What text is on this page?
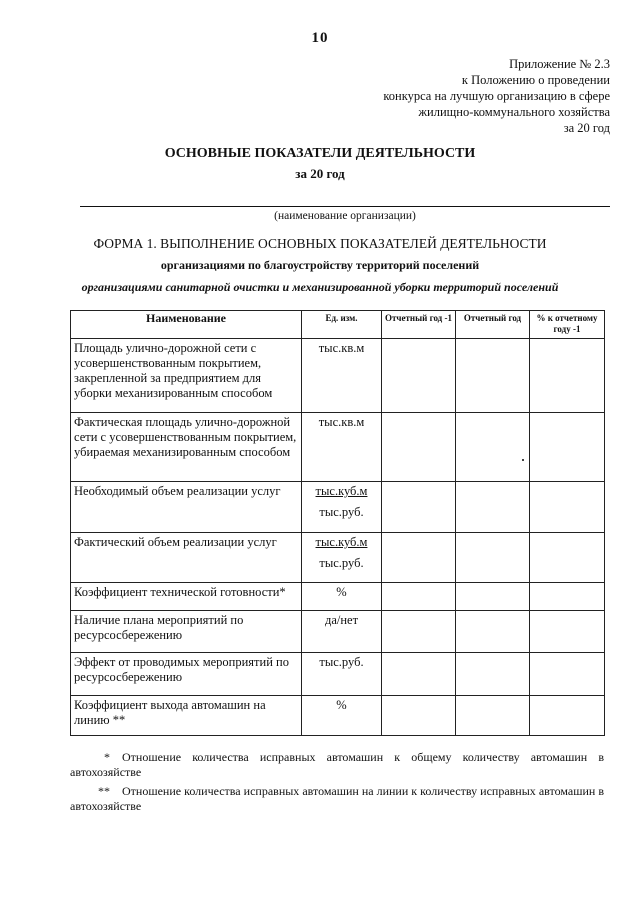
10
Приложение № 2.3
к Положению о проведении
конкурса на лучшую организацию в сфере
жилищно-коммунального хозяйства
за 20 год
ОСНОВНЫЕ ПОКАЗАТЕЛИ ДЕЯТЕЛЬНОСТИ
за 20 год
(наименование организации)
ФОРМА 1. ВЫПОЛНЕНИЕ ОСНОВНЫХ ПОКАЗАТЕЛЕЙ ДЕЯТЕЛЬНОСТИ
организациями по благоустройству территорий поселений
организациями санитарной очистки и механизированной уборки территорий поселений
Наименование	Ед. изм.	Отчетный год -1	Отчетный год	% к отчетному году -1
Площадь улично-дорожной сети с усовершенствованным покрытием, закрепленной за предприятием для уборки механизированным способом	тыс.кв.м			
Фактическая площадь улично-дорожной сети с усовершенствованным покрытием, убираемая механизированным способом	тыс.кв.м			
Необходимый объем реализации услуг	тыс.куб.м
тыс.руб.			

Фактический объем реализации услуг	тыс.куб.м
тыс.руб.			

Коэффициент технической готовности*	%			
Наличие плана мероприятий по ресурсосбережению	да/нет			
Эффект от проводимых мероприятий по ресурсосбережению	тыс.руб.			
Коэффициент выхода автомашин на линию **	%			
* Отношение количества исправных автомашин к общему количеству автомашин в автохозяйстве
** Отношение количества исправных автомашин на линии к количеству исправных автомашин в автохозяйстве
